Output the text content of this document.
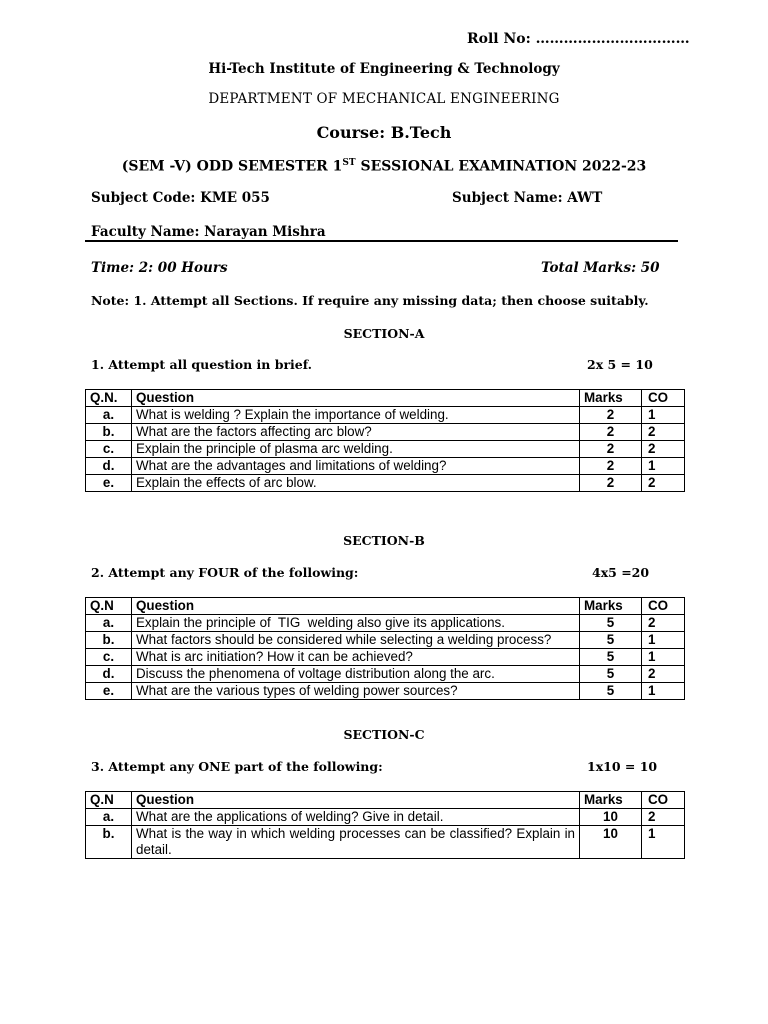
Roll No: ……………………………
Hi-Tech Institute of Engineering & Technology
DEPARTMENT OF MECHANICAL ENGINEERING
Course: B.Tech
(SEM -V) ODD SEMESTER 1ST SESSIONAL EXAMINATION 2022-23
Subject Code: KME 055	Subject Name: AWT
Faculty Name: Narayan Mishra
Time: 2: 00 Hours	Total Marks: 50
Note: 1. Attempt all Sections. If require any missing data; then choose suitably.
SECTION-A
1. Attempt all question in brief.	2x 5 = 10
Q.N.	Question	Marks	CO
a.	What is welding ? Explain the importance of welding.	2	1
b.	What are the factors affecting arc blow?	2	2
c.	Explain the principle of plasma arc welding.	2	2
d.	What are the advantages and limitations of welding?	2	1
e.	Explain the effects of arc blow.	2	2
SECTION-B
2. Attempt any FOUR of the following:	4x5 =20
Q.N	Question	Marks	CO
a.	Explain the principle of  TIG  welding also give its applications.	5	2
b.	What factors should be considered while selecting a welding process?	5	1
c.	What is arc initiation? How it can be achieved?	5	1
d.	Discuss the phenomena of voltage distribution along the arc.	5	2
e.	What are the various types of welding power sources?	5	1
SECTION-C
3. Attempt any ONE part of the following:	1x10 = 10
Q.N	Question	Marks	CO
a.	What are the applications of welding? Give in detail.	10	2
b.	What is the way in which welding processes can be classified? Explain in detail.	10	1
